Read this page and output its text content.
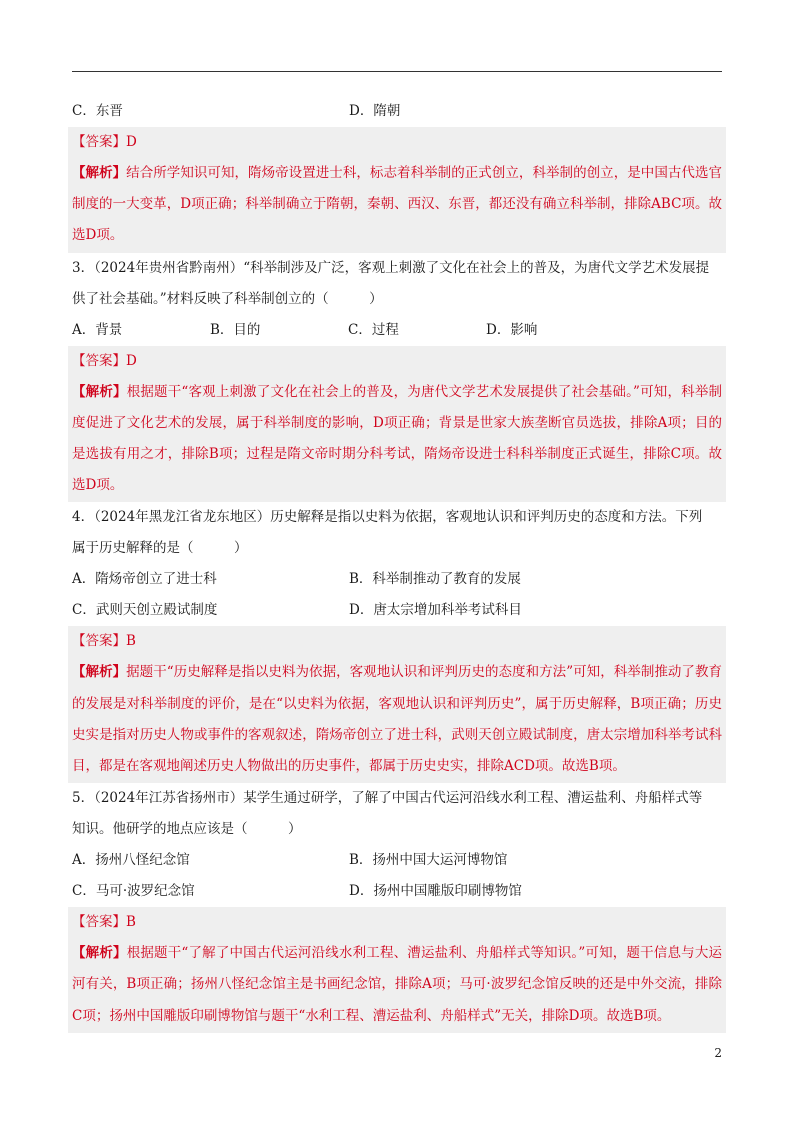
C．东晋	D．隋朝
【答案】D
【解析】结合所学知识可知，隋炀帝设置进士科，标志着科举制的正式创立，科举制的创立，是中国古代选官制度的一大变革，D项正确；科举制确立于隋朝，秦朝、西汉、东晋，都还没有确立科举制，排除ABC项。故选D项。
3．（2024年贵州省黔南州）“科举制涉及广泛，客观上刺激了文化在社会上的普及，为唐代文学艺术发展提
供了社会基础。”材料反映了科举制创立的（　　　）
A．背景	B．目的	C．过程	D．影响
【答案】D
【解析】根据题干“客观上刺激了文化在社会上的普及，为唐代文学艺术发展提供了社会基础。”可知，科举制度促进了文化艺术的发展，属于科举制度的影响，D项正确；背景是世家大族垄断官员选拔，排除A项；目的是选拔有用之才，排除B项；过程是隋文帝时期分科考试，隋炀帝设进士科科举制度正式诞生，排除C项。故选D项。
4．（2024年黑龙江省龙东地区）历史解释是指以史料为依据，客观地认识和评判历史的态度和方法。下列
属于历史解释的是（　　　）
A．隋炀帝创立了进士科	B．科举制推动了教育的发展
C．武则天创立殿试制度	D．唐太宗增加科举考试科目
【答案】B
【解析】据题干“历史解释是指以史料为依据，客观地认识和评判历史的态度和方法”可知，科举制推动了教育的发展是对科举制度的评价，是在“以史料为依据，客观地认识和评判历史”，属于历史解释，B项正确；历史史实是指对历史人物或事件的客观叙述，隋炀帝创立了进士科，武则天创立殿试制度，唐太宗增加科举考试科目，都是在客观地阐述历史人物做出的历史事件，都属于历史史实，排除ACD项。故选B项。
5．（2024年江苏省扬州市）某学生通过研学，了解了中国古代运河沿线水利工程、漕运盐利、舟船样式等
知识。他研学的地点应该是（　　　）
A．扬州八怪纪念馆	B．扬州中国大运河博物馆
C．马可·波罗纪念馆	D．扬州中国雕版印刷博物馆
【答案】B
【解析】根据题干“了解了中国古代运河沿线水利工程、漕运盐利、舟船样式等知识。”可知，题干信息与大运河有关，B项正确；扬州八怪纪念馆主是书画纪念馆，排除A项；马可·波罗纪念馆反映的还是中外交流，排除C项；扬州中国雕版印刷博物馆与题干“水利工程、漕运盐利、舟船样式”无关，排除D项。故选B项。
2
